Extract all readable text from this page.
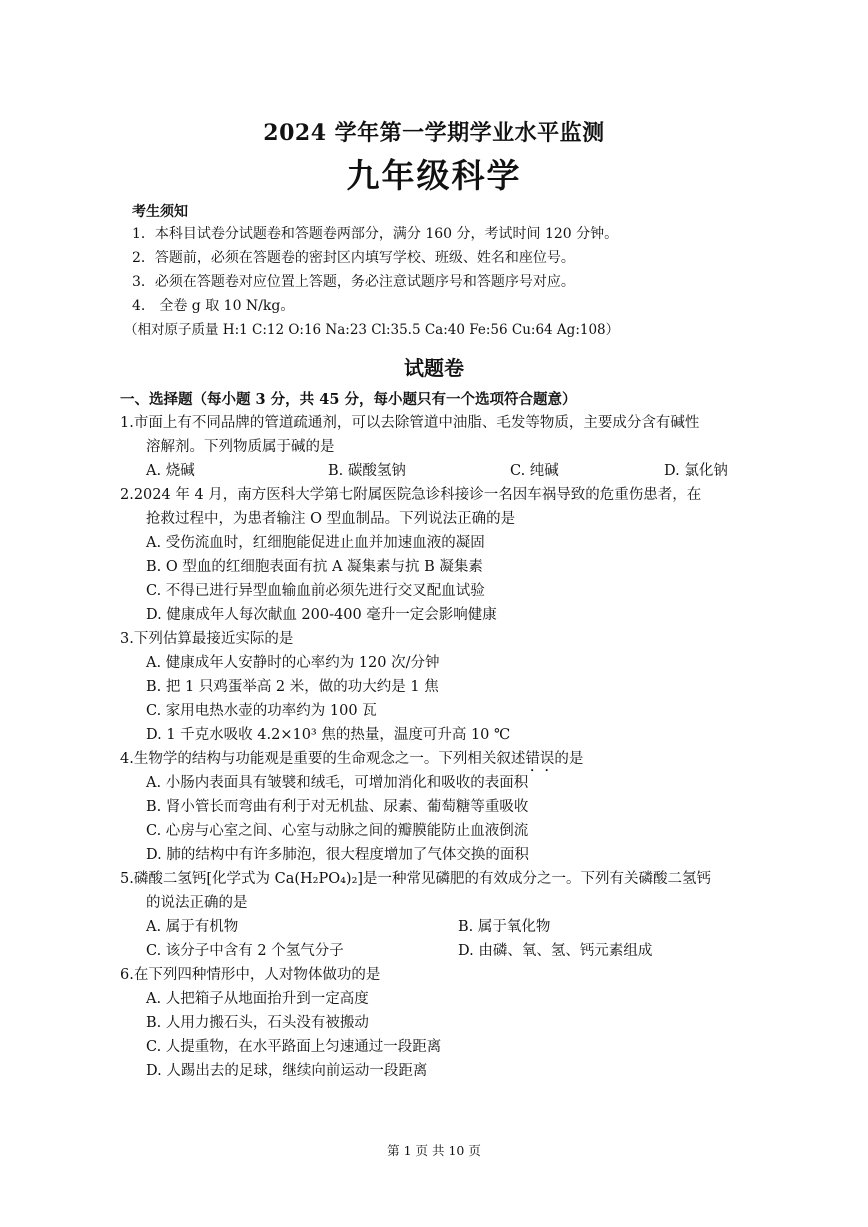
2024 学年第一学期学业水平监测
九年级科学
考生须知
1．本科目试卷分试题卷和答题卷两部分，满分 160 分，考试时间 120 分钟。
2．答题前，必须在答题卷的密封区内填写学校、班级、姓名和座位号。
3．必须在答题卷对应位置上答题，务必注意试题序号和答题序号对应。
4.　全卷 g 取 10 N/kg。
（相对原子质量 H:1 C:12 O:16 Na:23 Cl:35.5 Ca:40 Fe:56 Cu:64 Ag:108）
试题卷
一、选择题（每小题 3 分，共 45 分，每小题只有一个选项符合题意）
1.市面上有不同品牌的管道疏通剂，可以去除管道中油脂、毛发等物质，主要成分含有碱性
溶解剂。下列物质属于碱的是
A. 烧碱	B. 碳酸氢钠	C. 纯碱	D. 氯化钠
2.2024 年 4 月，南方医科大学第七附属医院急诊科接诊一名因车祸导致的危重伤患者，在
抢救过程中，为患者输注 O 型血制品。下列说法正确的是
A. 受伤流血时，红细胞能促进止血并加速血液的凝固
B. O 型血的红细胞表面有抗 A 凝集素与抗 B 凝集素
C. 不得已进行异型血输血前必须先进行交叉配血试验
D. 健康成年人每次献血 200-400 毫升一定会影响健康
3.下列估算最接近实际的是
A. 健康成年人安静时的心率约为 120 次/分钟
B. 把 1 只鸡蛋举高 2 米，做的功大约是 1 焦
C. 家用电热水壶的功率约为 100 瓦
D. 1 千克水吸收 4.2×10³ 焦的热量，温度可升高 10 ℃
4.生物学的结构与功能观是重要的生命观念之一。下列相关叙述错误的是
A. 小肠内表面具有皱襞和绒毛，可增加消化和吸收的表面积
B. 肾小管长而弯曲有利于对无机盐、尿素、葡萄糖等重吸收
C. 心房与心室之间、心室与动脉之间的瓣膜能防止血液倒流
D. 肺的结构中有许多肺泡，很大程度增加了气体交换的面积
5.磷酸二氢钙[化学式为 Ca(H₂PO₄)₂]是一种常见磷肥的有效成分之一。下列有关磷酸二氢钙
的说法正确的是
A. 属于有机物	B. 属于氧化物
C. 该分子中含有 2 个氢气分子	D. 由磷、氧、氢、钙元素组成
6.在下列四种情形中，人对物体做功的是
A. 人把箱子从地面抬升到一定高度
B. 人用力搬石头，石头没有被搬动
C. 人提重物，在水平路面上匀速通过一段距离
D. 人踢出去的足球，继续向前运动一段距离
第 1 页 共 10 页
